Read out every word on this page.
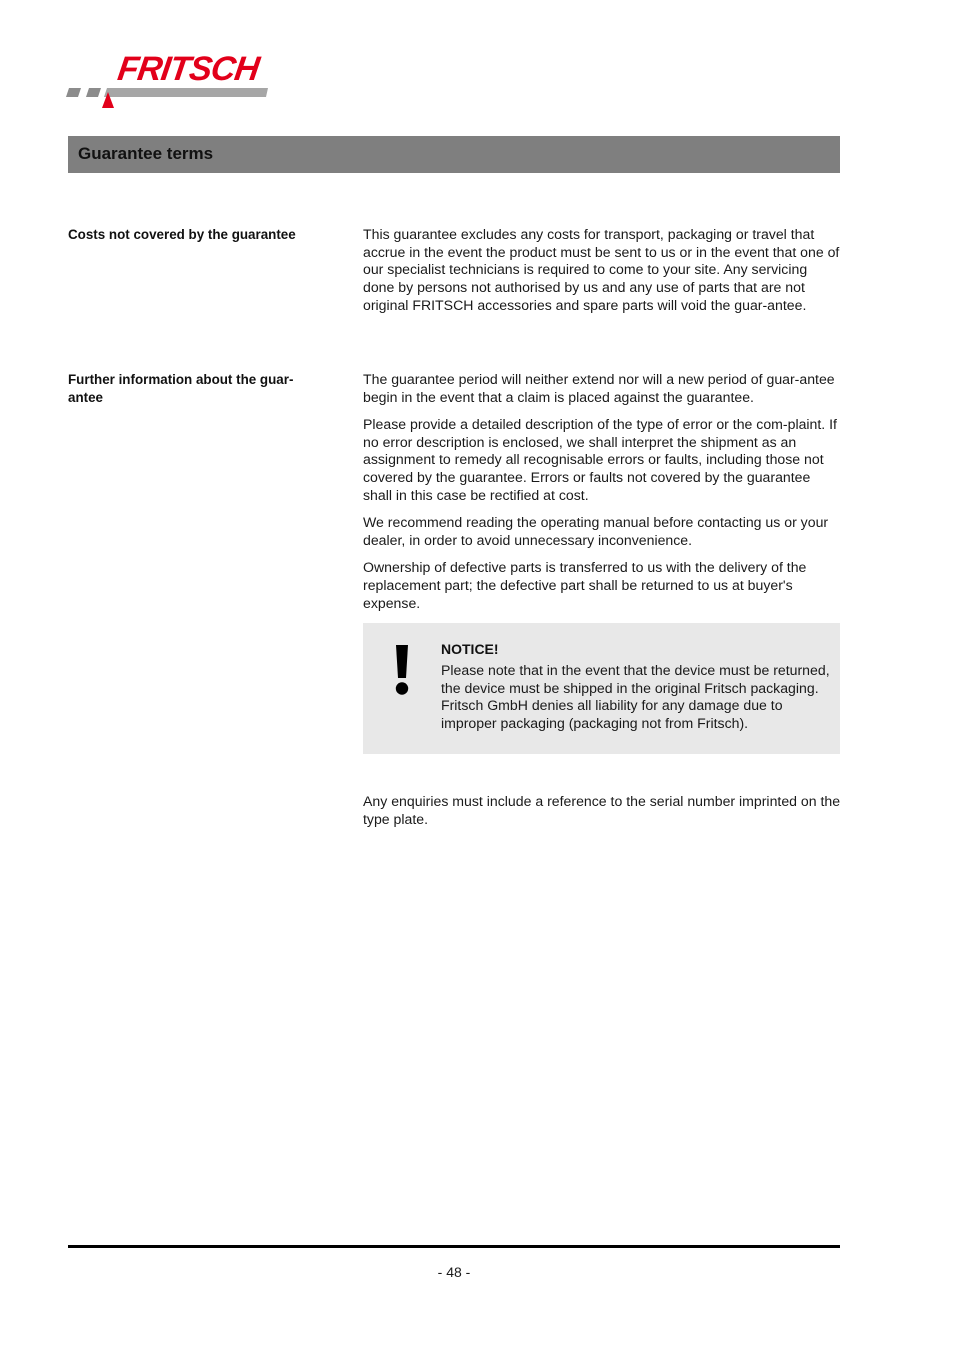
FRITSCH
Guarantee terms
Costs not covered by the guarantee	This guarantee excludes any costs for transport, packaging or travel that accrue in the event the product must be sent to us or in the event that one of our specialist technicians is required to come to your site. Any servicing done by persons not authorised by us and any use of parts that are not original FRITSCH accessories and spare parts will void the guar-antee.

Further information about the guar-antee

The guarantee period will neither extend nor will a new period of guar-antee begin in the event that a claim is placed against the guarantee.

Please provide a detailed description of the type of error or the com-plaint. If no error description is enclosed, we shall interpret the shipment as an assignment to remedy all recognisable errors or faults, including those not covered by the guarantee. Errors or faults not covered by the guarantee shall in this case be rectified at cost.

We recommend reading the operating manual before contacting us or your dealer, in order to avoid unnecessary inconvenience.

Ownership of defective parts is transferred to us with the delivery of the replacement part; the defective part shall be returned to us at buyer's expense.

NOTICE!
Please note that in the event that the device must be returned, the device must be shipped in the original Fritsch packaging. Fritsch GmbH denies all liability for any damage due to improper packaging (packaging not from Fritsch).

Any enquiries must include a reference to the serial number imprinted on the type plate.

- 48 -
